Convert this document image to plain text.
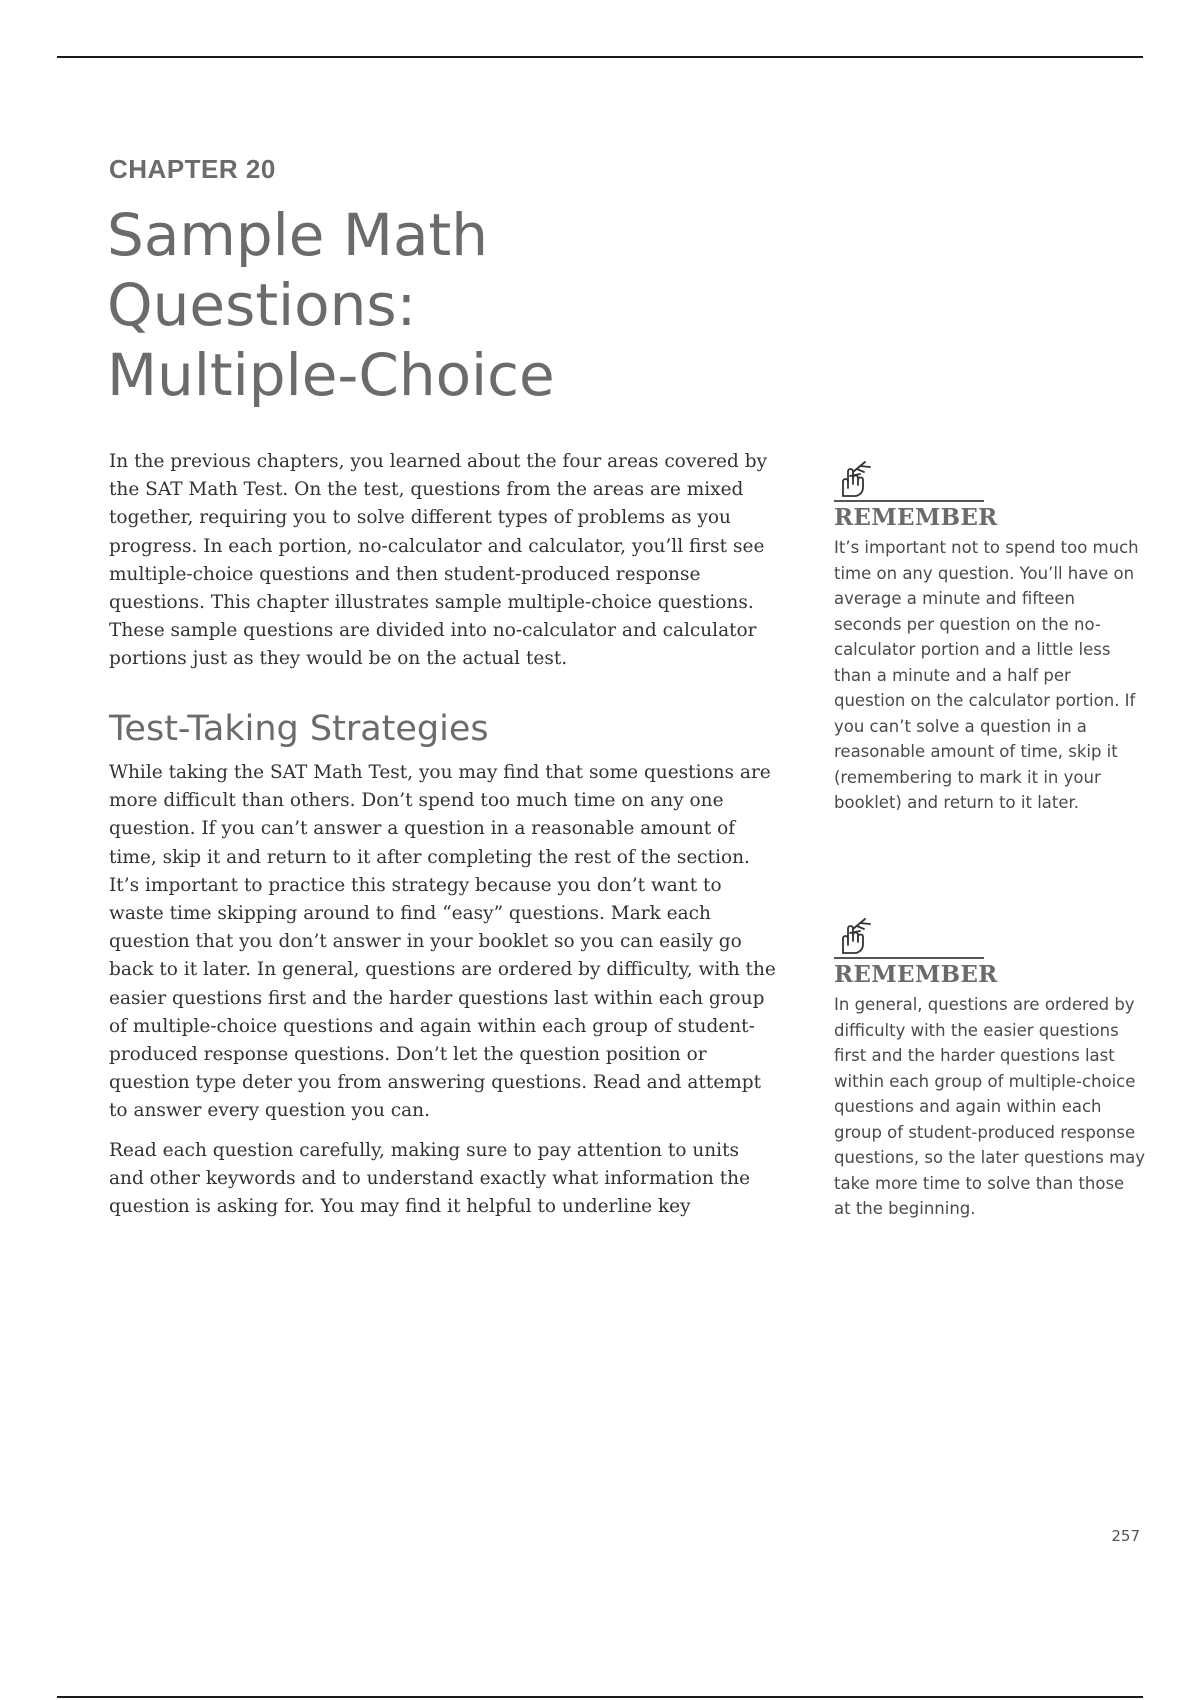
CHAPTER 20
Sample Math
Questions:
Multiple-Choice

In the previous chapters, you learned about the four areas covered by the SAT Math Test. On the test, questions from the areas are mixed together, requiring you to solve different types of problems as you progress. In each portion, no-calculator and calculator, you’ll first see multiple-choice questions and then student-produced response questions. This chapter illustrates sample multiple-choice questions. These sample questions are divided into no-calculator and calculator portions just as they would be on the actual test.

Test-Taking Strategies

While taking the SAT Math Test, you may find that some questions are more difficult than others. Don’t spend too much time on any one question. If you can’t answer a question in a reasonable amount of time, skip it and return to it after completing the rest of the section. It’s important to practice this strategy because you don’t want to waste time skipping around to find “easy” questions. Mark each question that you don’t answer in your booklet so you can easily go back to it later. In general, questions are ordered by difficulty, with the easier questions first and the harder questions last within each group of multiple-choice questions and again within each group of student-produced response questions. Don’t let the question position or question type deter you from answering questions. Read and attempt to answer every question you can.

Read each question carefully, making sure to pay attention to units and other keywords and to understand exactly what information the question is asking for. You may find it helpful to underline key

REMEMBER

It’s important not to spend too much time on any question. You’ll have on average a minute and fifteen seconds per question on the no-calculator portion and a little less than a minute and a half per question on the calculator portion. If you can’t solve a question in a reasonable amount of time, skip it (remembering to mark it in your booklet) and return to it later.

REMEMBER

In general, questions are ordered by difficulty with the easier questions first and the harder questions last within each group of multiple-choice questions and again within each group of student-produced response questions, so the later questions may take more time to solve than those at the beginning.

257
